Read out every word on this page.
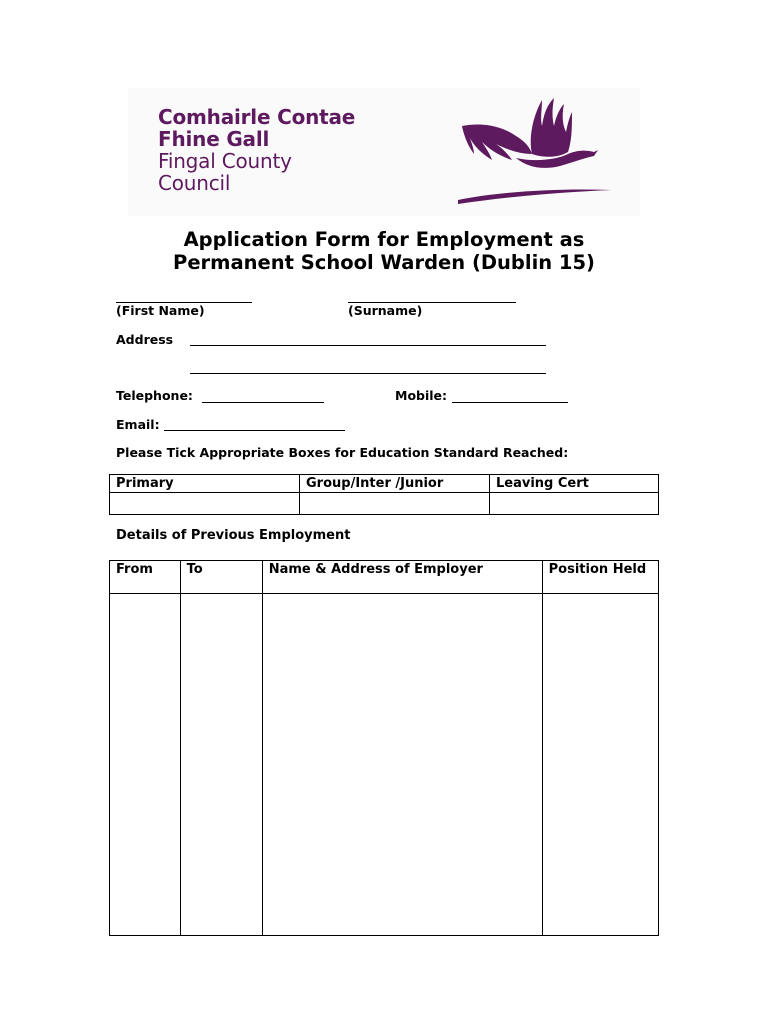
Comhairle Contae
Fhine Gall
Fingal County
Council
Application Form for Employment as
Permanent School Warden (Dublin 15)
(First Name)	(Surname)
Address
Telephone:	Mobile:
Email:
Please Tick Appropriate Boxes for Education Standard Reached:
Primary	Group/Inter /Junior	Leaving Cert

Details of Previous Employment
From	To	Name & Address of Employer	Position Held
